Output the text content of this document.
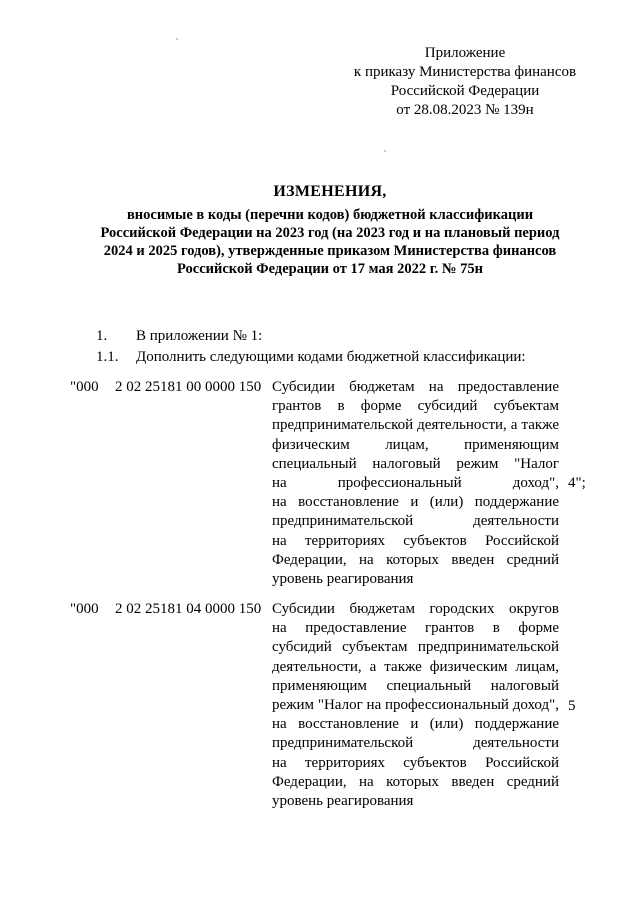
Приложение
к приказу Министерства финансов
Российской Федерации
от 28.08.2023 № 139н
ИЗМЕНЕНИЯ,
вносимые в коды (перечни кодов) бюджетной классификации
Российской Федерации на 2023 год (на 2023 год и на плановый период
2024 и 2025 годов), утвержденные приказом Министерства финансов
Российской Федерации от 17 мая 2022 г. № 75н
1. В приложении № 1:
1.1. Дополнить следующими кодами бюджетной классификации:
"000 2 02 25181 00 0000 150 Субсидии бюджетам на предоставление
грантов в форме субсидий субъектам
предпринимательской деятельности, а также
физическим лицам, применяющим
специальный налоговый режим "Налог
на профессиональный доход",
на восстановление и (или) поддержание
предпринимательской деятельности
на территориях субъектов Российской
Федерации, на которых введен средний
уровень реагирования
4";
"000 2 02 25181 04 0000 150 Субсидии бюджетам городских округов
на предоставление грантов в форме
субсидий субъектам предпринимательской
деятельности, а также физическим лицам,
применяющим специальный налоговый
режим "Налог на профессиональный доход",
на восстановление и (или) поддержание
предпринимательской деятельности
на территориях субъектов Российской
Федерации, на которых введен средний
уровень реагирования
5
